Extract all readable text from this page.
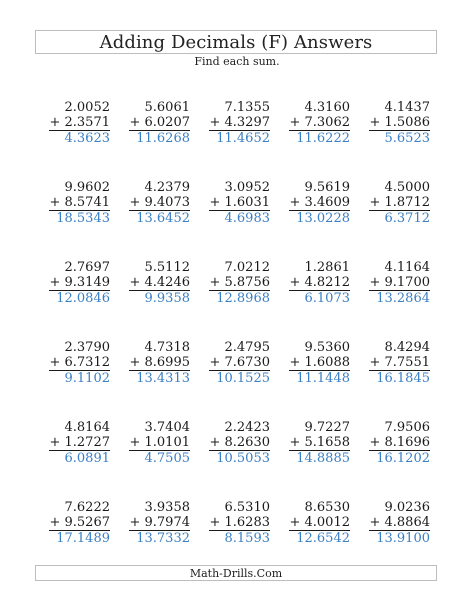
Adding Decimals (F) Answers
Find each sum.
2.0052
+ 2.3571
4.3623
5.6061
+ 6.0207
11.6268
7.1355
+ 4.3297
11.4652
4.3160
+ 7.3062
11.6222
4.1437
+ 1.5086
5.6523
9.9602
+ 8.5741
18.5343
4.2379
+ 9.4073
13.6452
3.0952
+ 1.6031
4.6983
9.5619
+ 3.4609
13.0228
4.5000
+ 1.8712
6.3712
2.7697
+ 9.3149
12.0846
5.5112
+ 4.4246
9.9358
7.0212
+ 5.8756
12.8968
1.2861
+ 4.8212
6.1073
4.1164
+ 9.1700
13.2864
2.3790
+ 6.7312
9.1102
4.7318
+ 8.6995
13.4313
2.4795
+ 7.6730
10.1525
9.5360
+ 1.6088
11.1448
8.4294
+ 7.7551
16.1845
4.8164
+ 1.2727
6.0891
3.7404
+ 1.0101
4.7505
2.2423
+ 8.2630
10.5053
9.7227
+ 5.1658
14.8885
7.9506
+ 8.1696
16.1202
7.6222
+ 9.5267
17.1489
3.9358
+ 9.7974
13.7332
6.5310
+ 1.6283
8.1593
8.6530
+ 4.0012
12.6542
9.0236
+ 4.8864
13.9100
Math-Drills.Com
